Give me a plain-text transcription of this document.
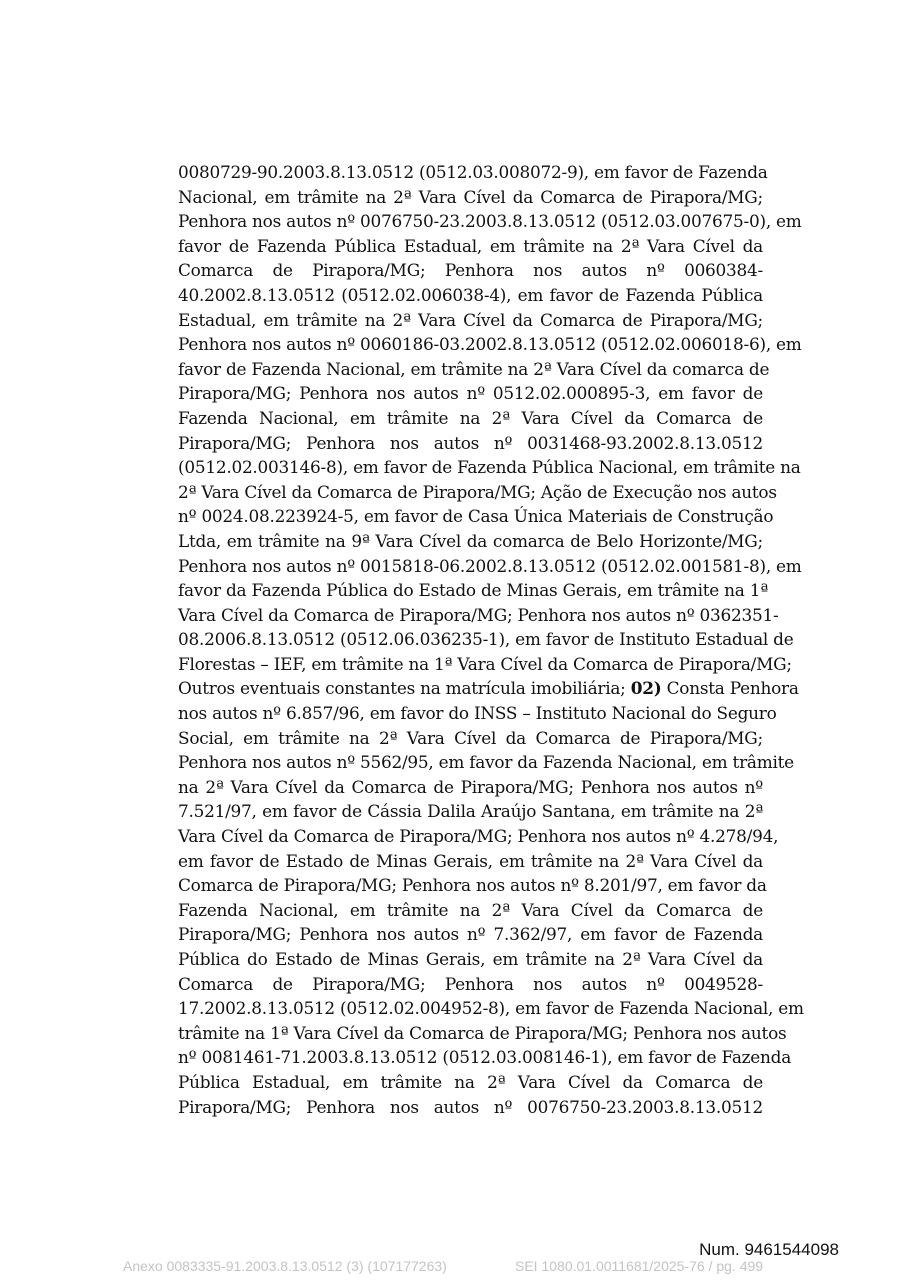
0080729-90.2003.8.13.0512 (0512.03.008072-9), em favor de Fazenda
Nacional, em trâmite na 2ª Vara Cível da Comarca de Pirapora/MG;
Penhora nos autos nº 0076750-23.2003.8.13.0512 (0512.03.007675-0), em
favor de Fazenda Pública Estadual, em trâmite na 2ª Vara Cível da
Comarca de Pirapora/MG; Penhora nos autos nº 0060384-
40.2002.8.13.0512 (0512.02.006038-4), em favor de Fazenda Pública
Estadual, em trâmite na 2ª Vara Cível da Comarca de Pirapora/MG;
Penhora nos autos nº 0060186-03.2002.8.13.0512 (0512.02.006018-6), em
favor de Fazenda Nacional, em trâmite na 2ª Vara Cível da comarca de
Pirapora/MG; Penhora nos autos nº 0512.02.000895-3, em favor de
Fazenda Nacional, em trâmite na 2ª Vara Cível da Comarca de
Pirapora/MG; Penhora nos autos nº 0031468-93.2002.8.13.0512
(0512.02.003146-8), em favor de Fazenda Pública Nacional, em trâmite na
2ª Vara Cível da Comarca de Pirapora/MG; Ação de Execução nos autos
nº 0024.08.223924-5, em favor de Casa Única Materiais de Construção
Ltda, em trâmite na 9ª Vara Cível da comarca de Belo Horizonte/MG;
Penhora nos autos nº 0015818-06.2002.8.13.0512 (0512.02.001581-8), em
favor da Fazenda Pública do Estado de Minas Gerais, em trâmite na 1ª
Vara Cível da Comarca de Pirapora/MG; Penhora nos autos nº 0362351-
08.2006.8.13.0512 (0512.06.036235-1), em favor de Instituto Estadual de
Florestas – IEF, em trâmite na 1ª Vara Cível da Comarca de Pirapora/MG;
Outros eventuais constantes na matrícula imobiliária; 02) Consta Penhora
nos autos nº 6.857/96, em favor do INSS – Instituto Nacional do Seguro
Social, em trâmite na 2ª Vara Cível da Comarca de Pirapora/MG;
Penhora nos autos nº 5562/95, em favor da Fazenda Nacional, em trâmite
na 2ª Vara Cível da Comarca de Pirapora/MG; Penhora nos autos nº
7.521/97, em favor de Cássia Dalila Araújo Santana, em trâmite na 2ª
Vara Cível da Comarca de Pirapora/MG; Penhora nos autos nº 4.278/94,
em favor de Estado de Minas Gerais, em trâmite na 2ª Vara Cível da
Comarca de Pirapora/MG; Penhora nos autos nº 8.201/97, em favor da
Fazenda Nacional, em trâmite na 2ª Vara Cível da Comarca de
Pirapora/MG; Penhora nos autos nº 7.362/97, em favor de Fazenda
Pública do Estado de Minas Gerais, em trâmite na 2ª Vara Cível da
Comarca de Pirapora/MG; Penhora nos autos nº 0049528-
17.2002.8.13.0512 (0512.02.004952-8), em favor de Fazenda Nacional, em
trâmite na 1ª Vara Cível da Comarca de Pirapora/MG; Penhora nos autos
nº 0081461-71.2003.8.13.0512 (0512.03.008146-1), em favor de Fazenda
Pública Estadual, em trâmite na 2ª Vara Cível da Comarca de
Pirapora/MG; Penhora nos autos nº 0076750-23.2003.8.13.0512
Num. 9461544098
Anexo 0083335-91.2003.8.13.0512 (3) (107177263)	SEI 1080.01.0011681/2025-76 / pg. 499
